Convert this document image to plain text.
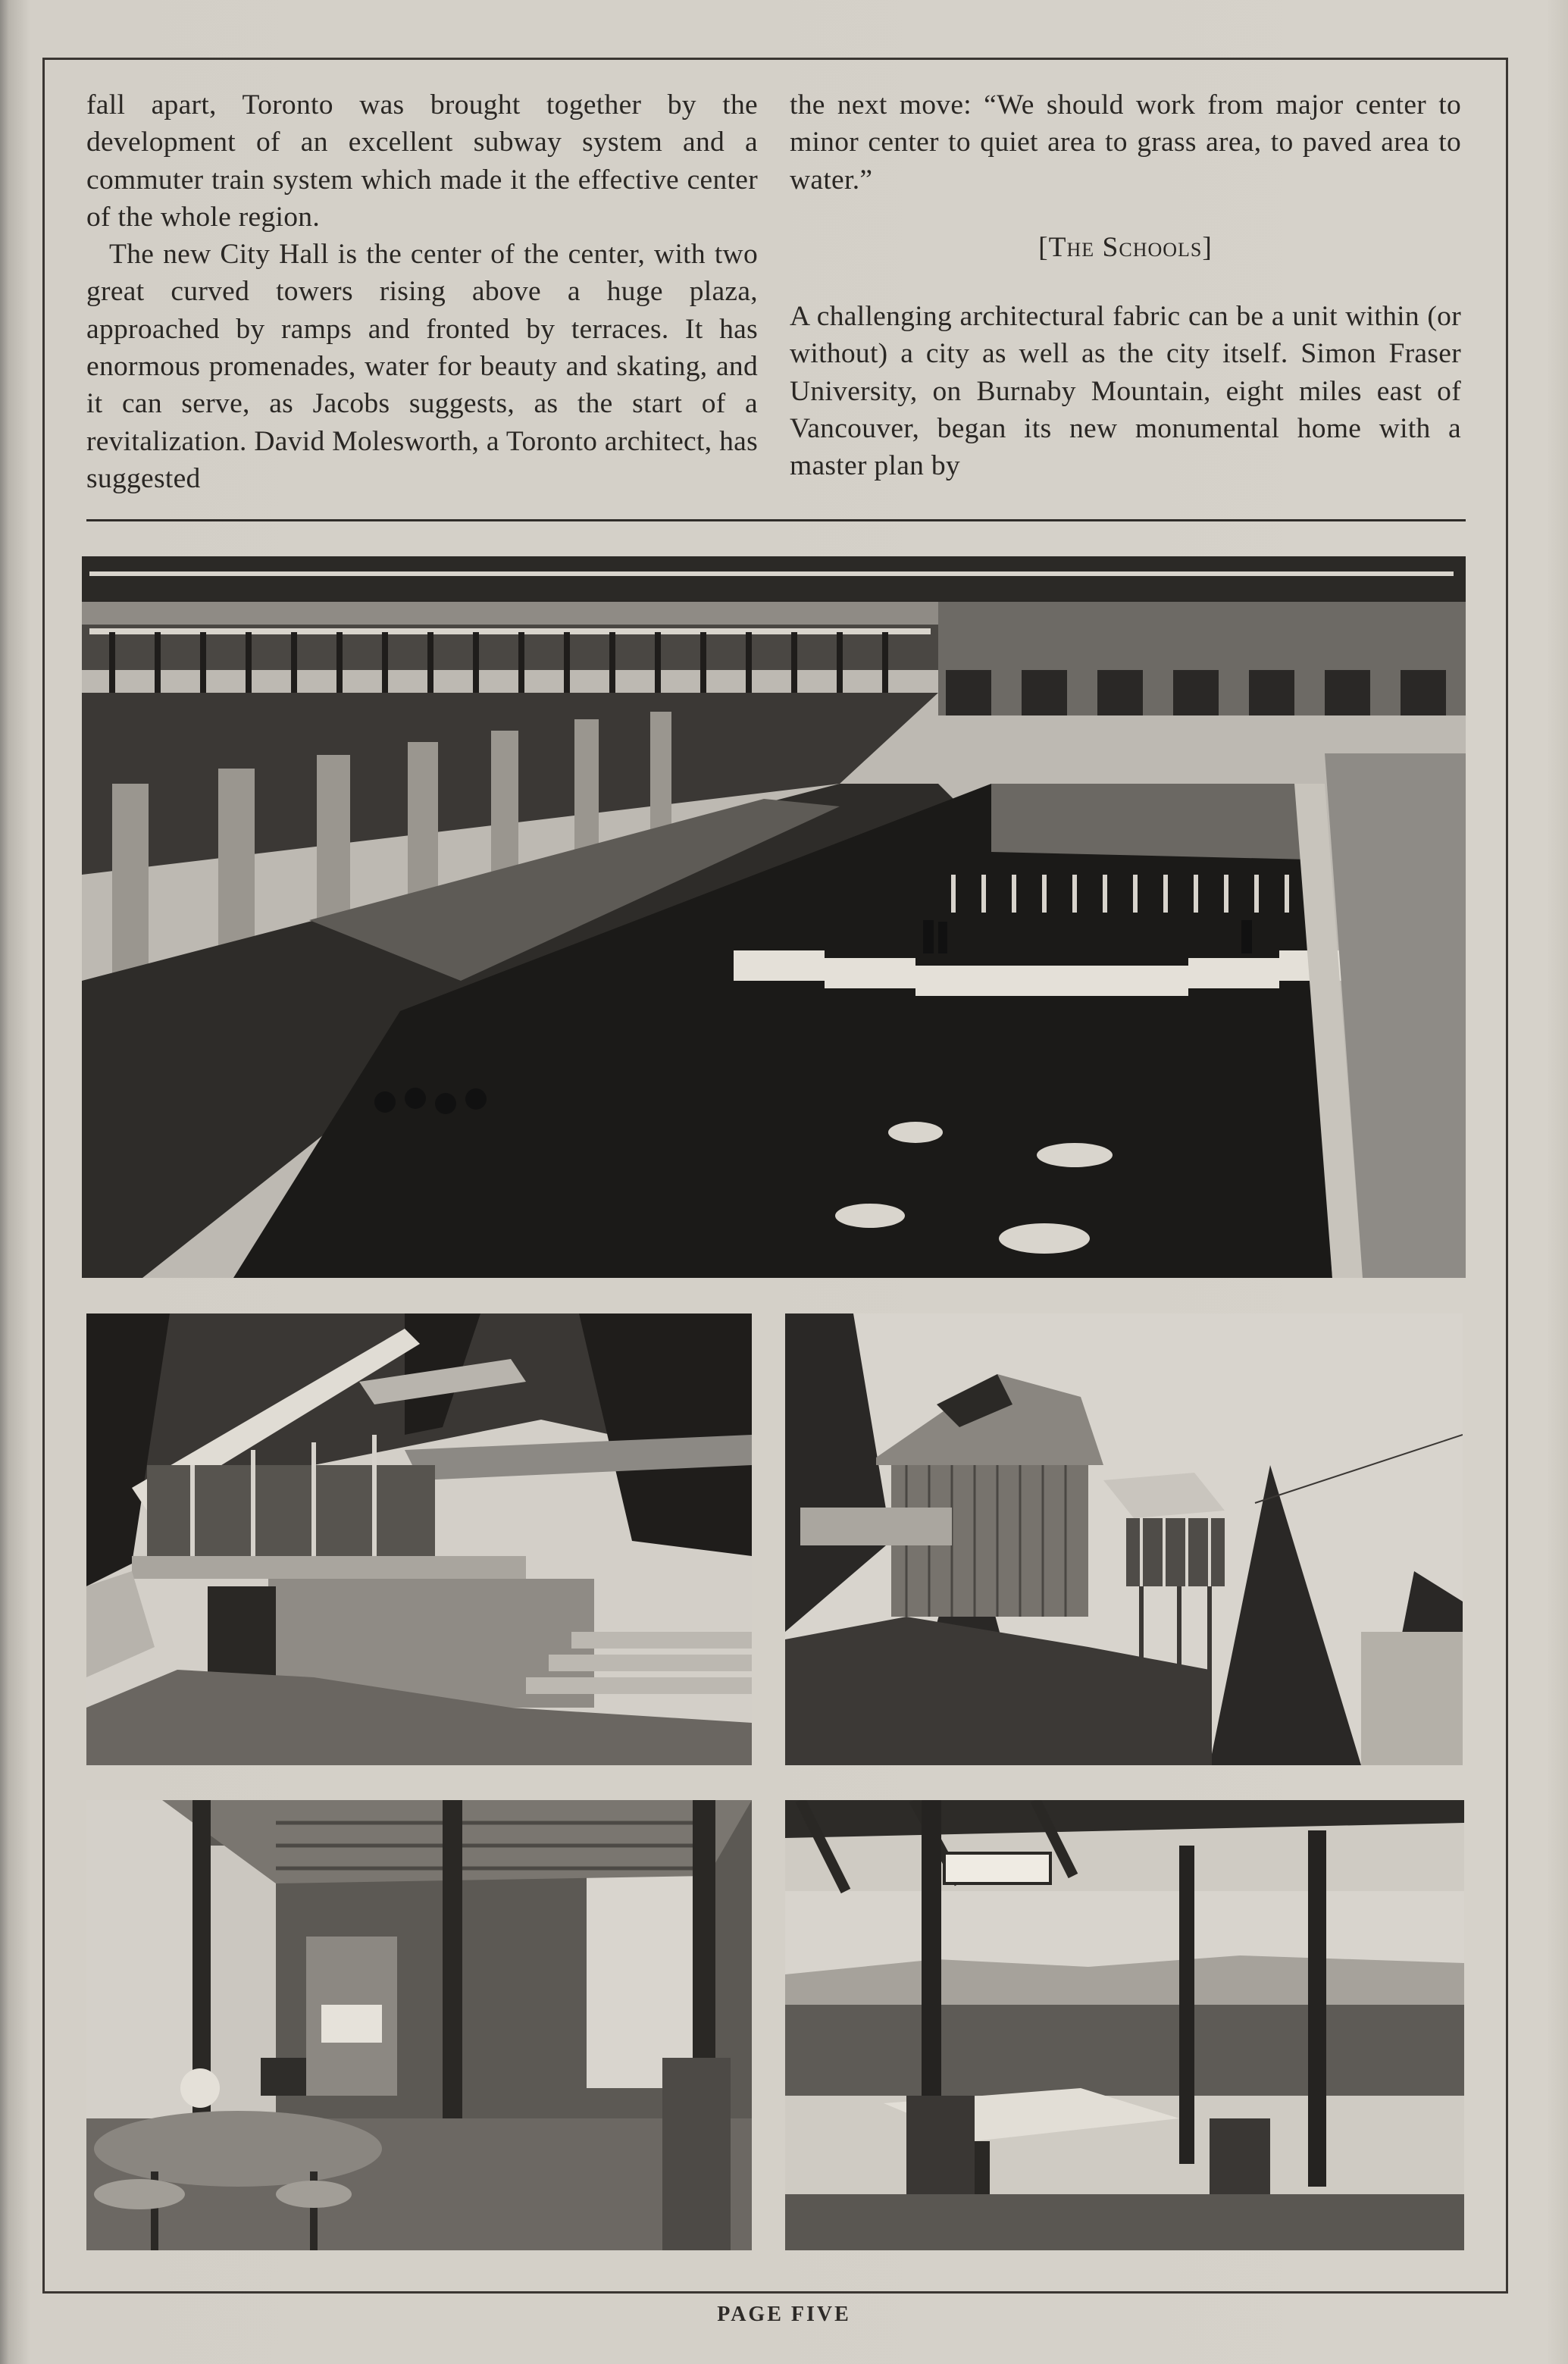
fall apart, Toronto was brought together by the development of an excellent subway system and a commuter train system which made it the effective center of the whole region.

The new City Hall is the center of the center, with two great curved towers rising above a huge plaza, approached by ramps and fronted by terraces. It has enormous promenades, water for beauty and skating, and it can serve, as Jacobs suggests, as the start of a revitalization. David Molesworth, a Toronto architect, has suggested

the next move: “We should work from major center to minor center to quiet area to grass area, to paved area to water.”

[The Schools]

A challenging architectural fabric can be a unit within (or without) a city as well as the city itself. Simon Fraser University, on Burnaby Mountain, eight miles east of Vancouver, began its new monumental home with a master plan by

PAGE FIVE
